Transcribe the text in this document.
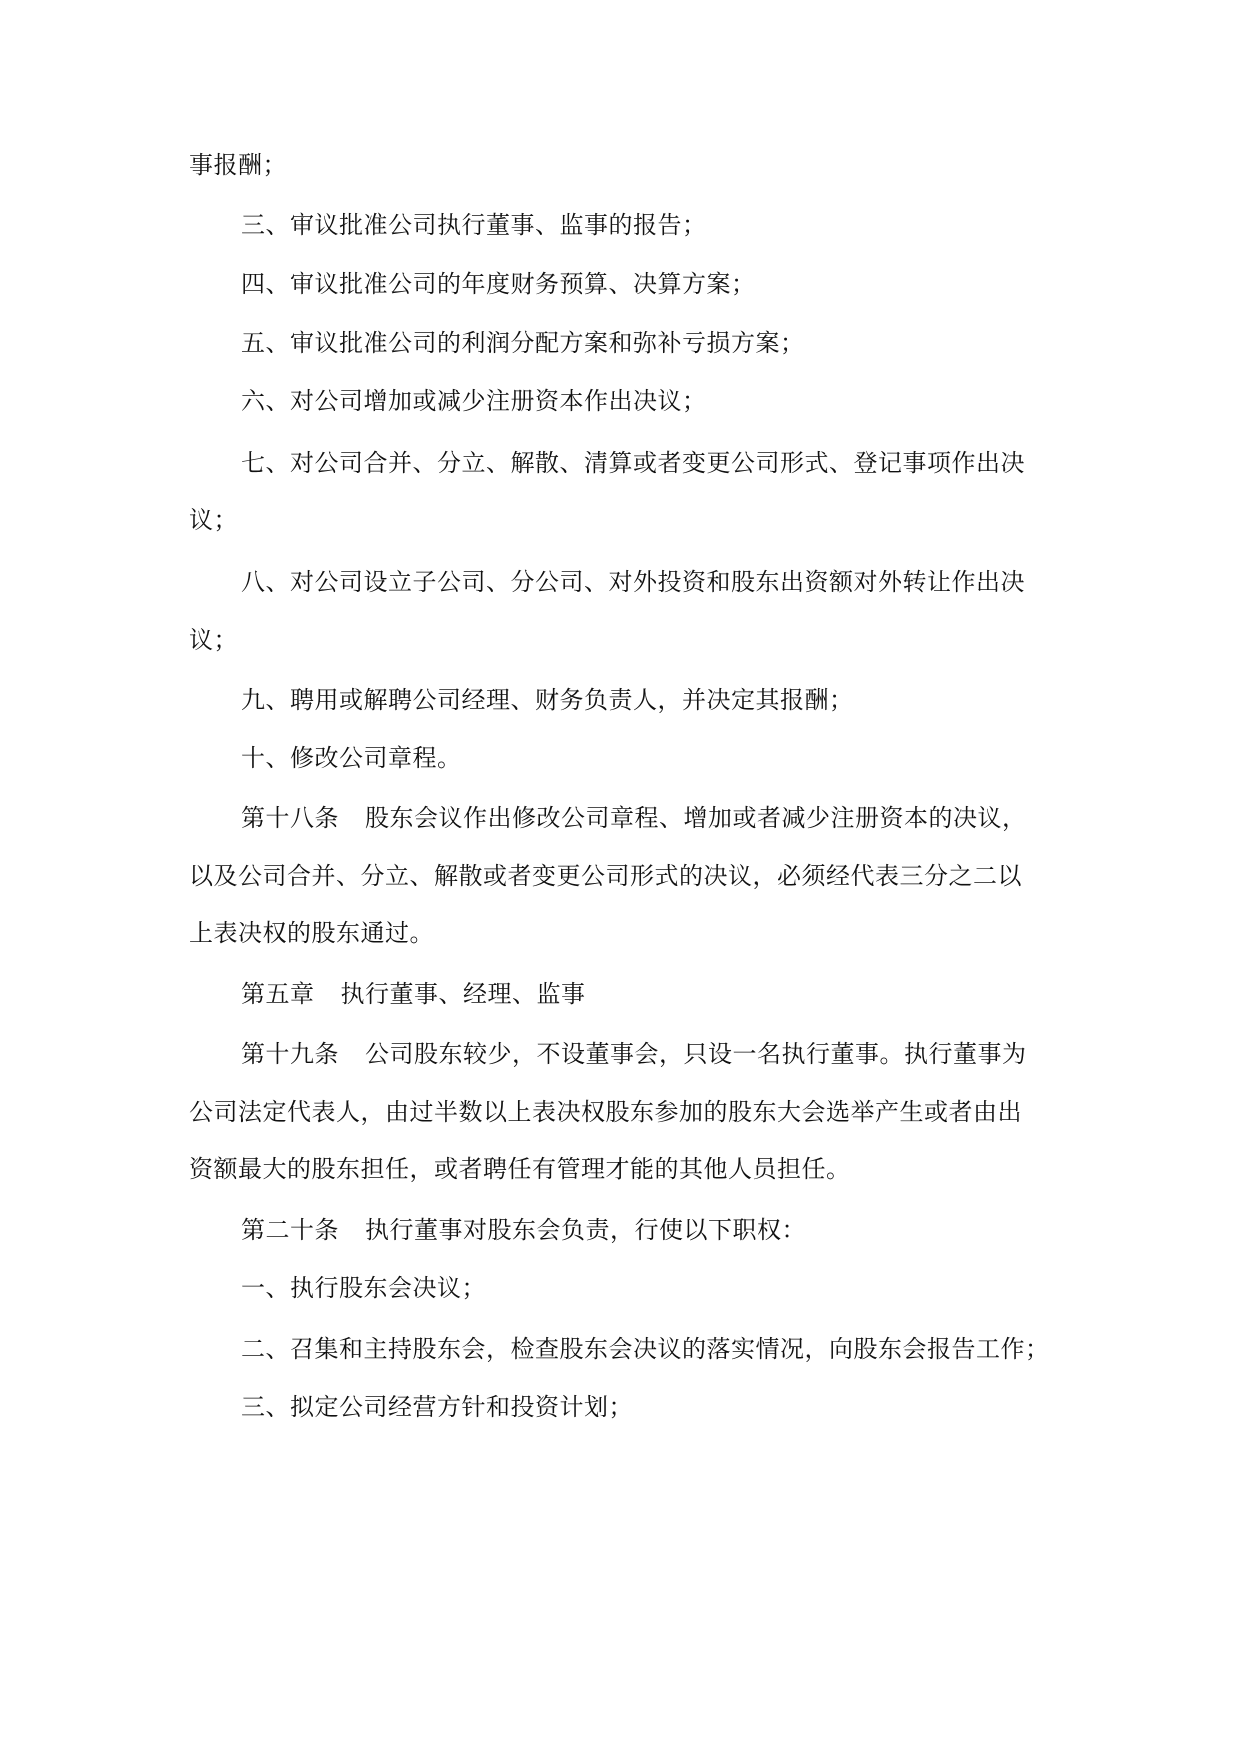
事报酬；
三、审议批准公司执行董事、监事的报告；
四、审议批准公司的年度财务预算、决算方案；
五、审议批准公司的利润分配方案和弥补亏损方案；
六、对公司增加或减少注册资本作出决议；
七、对公司合并、分立、解散、清算或者变更公司形式、登记事项作出决
议；
八、对公司设立子公司、分公司、对外投资和股东出资额对外转让作出决
议；
九、聘用或解聘公司经理、财务负责人，并决定其报酬；
十、修改公司章程。
第十八条 股东会议作出修改公司章程、增加或者减少注册资本的决议，
以及公司合并、分立、解散或者变更公司形式的决议，必须经代表三分之二以
上表决权的股东通过。
第五章 执行董事、经理、监事
第十九条 公司股东较少，不设董事会，只设一名执行董事。执行董事为
公司法定代表人，由过半数以上表决权股东参加的股东大会选举产生或者由出
资额最大的股东担任，或者聘任有管理才能的其他人员担任。
第二十条 执行董事对股东会负责，行使以下职权：
一、执行股东会决议；
二、召集和主持股东会，检查股东会决议的落实情况，向股东会报告工作；
三、拟定公司经营方针和投资计划；
